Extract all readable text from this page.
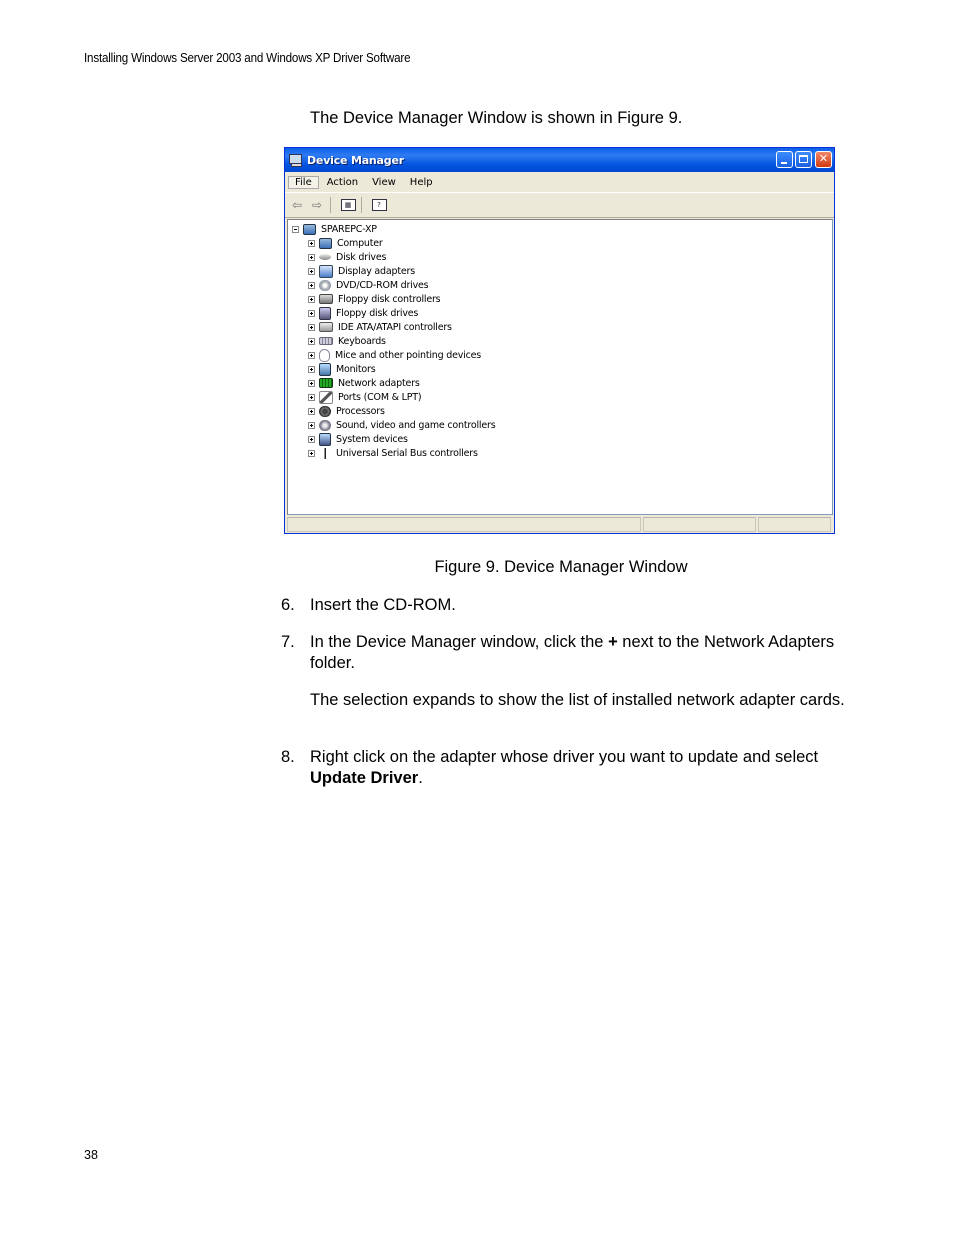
Installing Windows Server 2003 and Windows XP Driver Software
The Device Manager Window is shown in Figure 9.
Device Manager	✕
File	Action	View	Help
⇦ ⇨	▦	?
SPAREPC-XP
Computer
Disk drives
Display adapters
DVD/CD-ROM drives
Floppy disk controllers
Floppy disk drives
IDE ATA/ATAPI controllers
Keyboards
Mice and other pointing devices
Monitors
Network adapters
Ports (COM & LPT)
Processors
Sound, video and game controllers
System devices
Universal Serial Bus controllers
Figure 9. Device Manager Window
6. Insert the CD-ROM.
7. In the Device Manager window, click the + next to the Network Adapters folder.
The selection expands to show the list of installed network adapter cards.
8. Right click on the adapter whose driver you want to update and select Update Driver.
38
